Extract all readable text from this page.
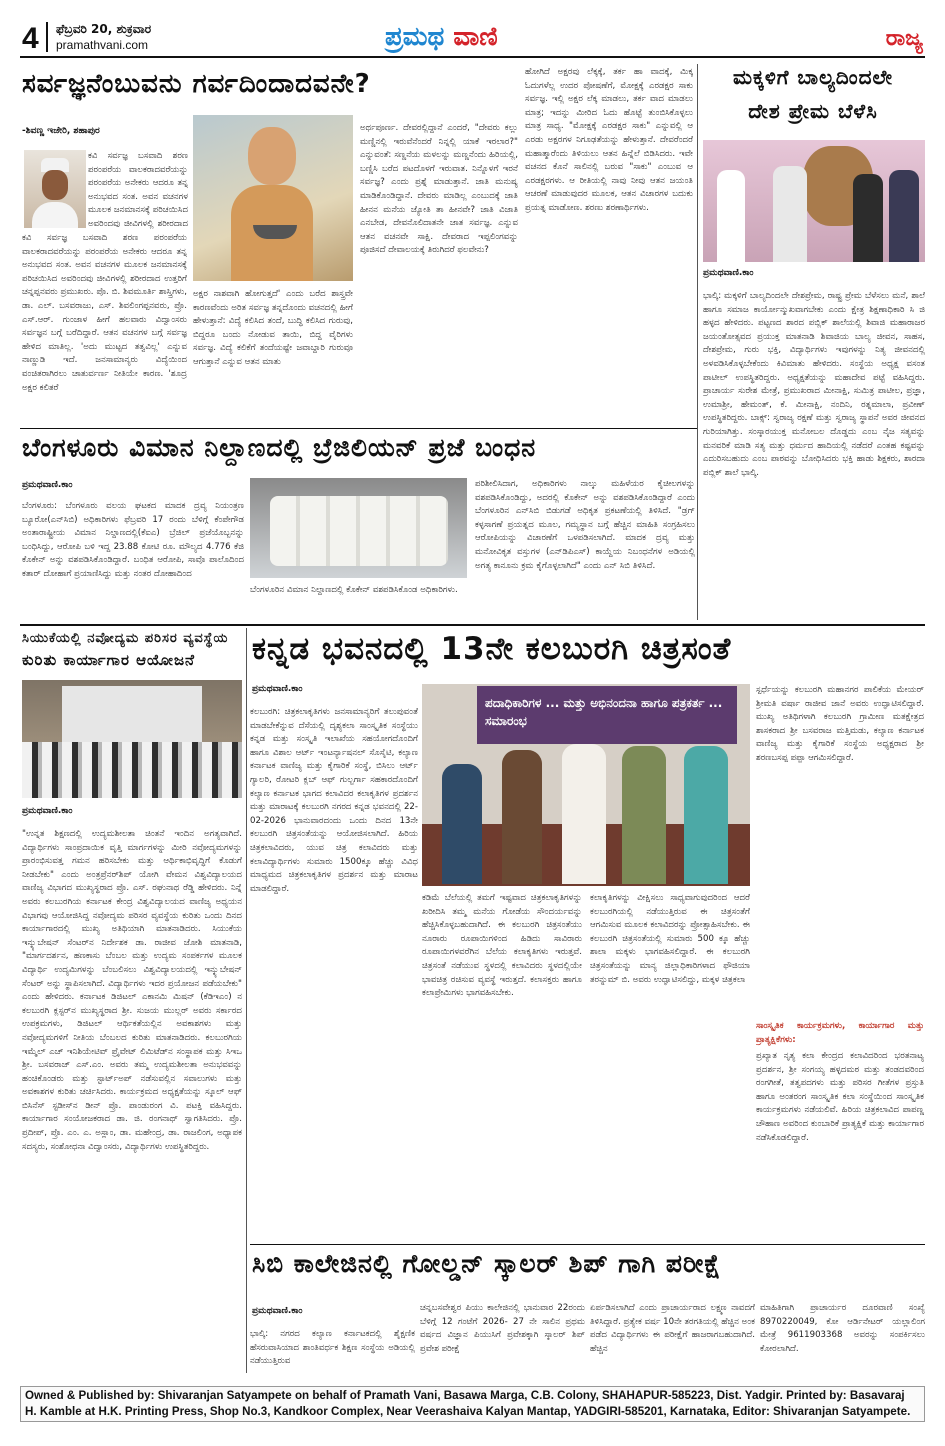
4 ಫೆಬ್ರವರಿ 20, ಶುಕ್ರವಾರ
pramathvani.com	ಪ್ರಮಥ ವಾಣಿ	ರಾಜ್ಯ
ಸರ್ವಜ್ಞನೆಂಬುವನು ಗರ್ವದಿಂದಾದವನೇ?
-ಶಿವಣ್ಣ ಇಜೇರಿ, ಶಹಾಪುರ
ಕವಿ ಸರ್ವಜ್ಞ ಬಸವಾದಿ ಶರಣ ಪರಂಪರೆಯ ವಾಲಕರಾದವರೆಯನ್ನು ಪರಂಪರೆಯ ಅನೇಕರು ಆದರೂ ತನ್ನ ಅನುಭವದ ಸಂತ. ಅವನ ವಚನಗಳ ಮೂಲಕ ಜನಮಾನಸಕ್ಕೆ ಪರಿಚಯಿಸಿದ ಅವರಿಂದವು ಜೀವಿಗಳಲ್ಲಿ ಶರೀರದಾದ
ಕವಿ ಸರ್ವಜ್ಞ ಬಸವಾದಿ ಶರಣ ಪರಂಪರೆಯ ವಾಲಕರಾದವರೆಯನ್ನು ಪರಂಪರೆಯ ಅನೇಕರು ಆದರೂ ತನ್ನ ಅನುಭವದ ಸಂತ. ಅವನ ವಚನಗಳ ಮೂಲಕ ಜನಮಾನಸಕ್ಕೆ ಪರಿಚಯಿಸಿದ ಅವರಿಂದವು ಜೀವಿಗಳಲ್ಲಿ ಶರೀರದಾದ ಉತ್ತರಿಗೆ ಚನ್ನಪ್ಪನವರು ಪ್ರಮುಖರು. ಪೊ. ಬಿ. ಶಿವಮೂರ್ತಿ ಶಾಸ್ತ್ರಿಗಳು, ಡಾ. ಎಲ್. ಬಸವರಾಜು, ಎಸ್. ಶಿವಲಿಂಗಪ್ಪನವರು, ಪ್ರೊ. ಎಸ್.ಆರ್. ಗುಂಜಾಳ ಹೀಗೆ ಹಲವಾರು ವಿದ್ವಾಂಸರು ಸರ್ವಜ್ಞನ ಬಗ್ಗೆ ಬರೆದಿದ್ದಾರೆ. ಆತನ ವಚನಗಳ ಬಗ್ಗೆ ಸರ್ವಜ್ಞ ಹೇಳಿದ ಮಾತಿಲ್ಲ. 'ಅದು ಮುಟ್ಟದ ತತ್ವವಿಲ್ಲ' ಎನ್ನುವ ನಾಣ್ಣುಡಿ ಇದೆ. ಜನಸಾಮಾನ್ಯರು ವಿದ್ಯೆಯಿಂದ ವಂಚಿತರಾಗಿರಲು ಚಾತುರ್ವರ್ಣ ನೀತಿಯೇ ಕಾರಣ. 'ಶೂದ್ರ ಅಕ್ಷರ ಕಲಿತರೆ
ಅಕ್ಷರ ನಾಶವಾಗಿ ಹೋಗುತ್ತದೆ' ಎಂದು ಬರೆದ ಶಾಸ್ತ್ರವೇ ಕಾರಣವೆಂದು ಅರಿತ ಸರ್ವಜ್ಞ ತನ್ನದೊಂದು ವಚನದಲ್ಲಿ ಹೀಗೆ ಹೇಳುತ್ತಾನೆ: ವಿದ್ಯೆ ಕಲಿಸಿದ ತಂದೆ, ಬುದ್ಧಿ ಕಲಿಸಿದ ಗುರುವು, ಬಿದ್ದರೂ ಬಂದು ನೋಡುವ ತಾಯಿ, ಬಿದ್ದ ವೈರಿಗಳು ಸರ್ವಜ್ಞ. ವಿದ್ಯೆ ಕಲಿಕೆಗೆ ತಂದೆಯಷ್ಟೇ ಜವಾಬ್ದಾರಿ ಗುರುವೂ ಆಗುತ್ತಾನೆ ಎನ್ನುವ ಆತನ ಮಾತು
ಅರ್ಥಪೂರ್ಣ. ದೇವರಲ್ಲಿದ್ದಾನೆ ಎಂದರೆ, "ದೇವರು ಕಲ್ಲು ಮಣ್ಣಿನಲ್ಲಿ ಇರುವೆನೆಂದರೆ ನಿನ್ನಲ್ಲಿ ಯಾಕೆ ಇರಲಾರ?" ಎನ್ನುವಂತೆ: ಸಣ್ಣನೆಯ ಮಳಲನ್ನು ಮಣ್ಣನೆಂದು ಹಿರಿಯಲ್ಲಿ, ಬಣ್ಣಿಸಿ ಬರೆದ ಪಟದೊಳಗೆ ಇರುವಾತ. ನಿನ್ನೊಳಗೆ ಇರನೆ ಸರ್ವಜ್ಞ? ಎಂದು ಪ್ರಶ್ನೆ ಮಾಡುತ್ತಾನೆ. ಜಾತಿ ಮನುಷ್ಯ ಮಾಡಿಕೊಂಡಿದ್ದಾನೆ. ದೇವರು ಮಾಡಿಲ್ಲ ಎಂಬುದಕ್ಕೆ ಜಾತಿ ಹೀನನ ಮನೆಯ ಜ್ಯೋತಿ ತಾ ಹೀನವೇ? ಜಾತಿ ವಿಜಾತಿ ಎನಬೇಡ, ದೇವನೊಲಿದಾತನೇ ಜಾತ ಸರ್ವಜ್ಞ. ಎನ್ನುವ ಆತನ ವಚನವೇ ಸಾಕ್ಷಿ. ದೇವರಾದ ಇಪ್ಪಲಿಂಗವನ್ನು ಪೂಜಿಸದೆ ದೇವಾಲಯಕ್ಕೆ ತಿರುಗಿದರೆ ಫಲವೇನು?
ಹೋಗಿದೆ ಅಕ್ಷರವು ಲೆಕ್ಕಕ್ಕೆ, ತರ್ಕ ಹಾ ವಾದಕ್ಕೆ, ಮಿಕ್ಕ ಓದುಗಳೆಲ್ಲ ಉದರ ಪೋಷಣೆಗೆ, ಮೋಕ್ಷಕ್ಕೆ ಎರಡಕ್ಷರ ಸಾಕು ಸರ್ವಜ್ಞ. ಇಲ್ಲಿ ಅಕ್ಷರ ಲೆಕ್ಕ ಮಾಡಲು, ತರ್ಕ ವಾದ ಮಾಡಲು ಮಾತ್ರ; ಇದನ್ನು ಮೀರಿದ ಓದು ಹೊಟ್ಟೆ ತುಂಬಿಸಿಕೊಳ್ಳಲು ಮಾತ್ರ ಸಾಧ್ಯ. "ಮೋಕ್ಷಕ್ಕೆ ಎರಡಕ್ಷರ ಸಾಕು" ಎನ್ನುವಲ್ಲಿ ಆ ಎರಡು ಅಕ್ಷರಗಳ ನಿಗೂಢತೆಯನ್ನು ಹೇಳುತ್ತಾನೆ. ದೇವರೆಂದರೆ ಮಹಾತ್ಮಾರೆಂದು ತಿಳಿಯಲು ಆತನ ಹಿನ್ನೆಲೆ ಬಿಡಿಸಿದರು. ಇವೇ ವಚನದ ಕೊನೆ ಸಾಲಿನಲ್ಲಿ ಬರುವ "ಸಾಕು" ಎಂಬುವ ಆ ಎರಡಕ್ಷರಗಳು. ಆ ರೀತಿಯಲ್ಲಿ ನಾವು ನೀವು ಆತನ ಜಯಂತಿ ಆಚರಣೆ ಮಾಡುವುದರ ಮೂಲಕ, ಆತನ ವಿಚಾರಗಳ ಬದುಕು ಪ್ರಯತ್ನ ಮಾಡೋಣ. ಶರಣು ಶರಣಾರ್ಥಿಗಳು.
ಮಕ್ಕಳಿಗೆ ಬಾಲ್ಯದಿಂದಲೇ
ದೇಶ ಪ್ರೇಮ ಬೆಳೆಸಿ
ಪ್ರಮಥವಾಣಿ.ಕಾಂ
ಭಾಲ್ಕಿ: ಮಕ್ಕಳಿಗೆ ಬಾಲ್ಯದಿಂದಲೇ ದೇಶಪ್ರೇಮ, ರಾಷ್ಟ್ರ ಪ್ರೇಮ ಬೆಳೆಸಲು ಮನೆ, ಶಾಲೆ ಹಾಗೂ ಸಮಾಜ ಕಾರ್ಯೋನ್ಮುಖವಾಗಬೇಕು ಎಂದು ಕ್ಷೇತ್ರ ಶಿಕ್ಷಣಾಧಿಕಾರಿ ಸಿ ಜಿ ಹಳ್ಳದ ಹೇಳಿದರು. ಪಟ್ಟಣದ ಶಾರದ ಪಬ್ಲಿಕ್ ಶಾಲೆಯಲ್ಲಿ ಶಿವಾಜಿ ಮಹಾರಾಜರ ಜಯಂತೋತ್ಸವದ ಪ್ರಯುಕ್ತ ಮಾತನಾಡಿ ಶಿವಾಜಿಯ ಬಾಲ್ಯ ಜೀವನ, ಸಾಹಸ, ದೇಶಪ್ರೇಮ, ಗುರು ಭಕ್ತಿ, ವಿದ್ಯಾರ್ಥಿಗಳು ಇವುಗಳನ್ನು ನಿತ್ಯ ಜೀವನದಲ್ಲಿ ಅಳವಡಿಸಿಕೊಳ್ಳಬೇಕೆಂದು ಕಿವಿಮಾತು ಹೇಳಿದರು. ಸಂಸ್ಥೆಯ ಅಧ್ಯಕ್ಷ ವಸಂತ ಪಾಟೀಲ್ ಉಪಸ್ಥಿತರಿದ್ದರು. ಅಧ್ಯಕ್ಷತೆಯನ್ನು ಮಹಾದೇವ ಪಟ್ಟೆ ವಹಿಸಿದ್ದರು. ಪ್ರಾಚಾರ್ಯ ಸುರೇಶ ಮೇತ್ರೆ, ಪ್ರಮುಖರಾದ ಮೀನಾಕ್ಷಿ, ಸುಮಿತ್ರ ಪಾಟೀಲ, ಪ್ರಜ್ಞಾ, ಉಮಾಶ್ರೀ, ಹೇಮಂತ್, ಕೆ. ಮೀನಾಕ್ಷಿ, ನಂದಿನಿ, ರತ್ನಮಾಲಾ, ಪ್ರವೀಣ್ ಉಪಸ್ಥಿತರಿದ್ದರು. ಬಾಕ್ಸ್: ಸ್ವರಾಜ್ಯ ರಕ್ಷಣೆ ಮತ್ತು ಸ್ವರಾಜ್ಯ ಸ್ಥಾಪನೆ ಅವರ ಜೀವನದ ಗುರಿಯಾಗಿತ್ತು. ಸಂಸ್ಕಾರಯುಕ್ತ ಮನೋಬಲ ದೊಡ್ಡದು ಎಂಬ ನೈಜ ಸತ್ಯವನ್ನು ಮನವರಿಕೆ ಮಾಡಿ ಸತ್ಯ ಮತ್ತು ಧರ್ಮದ ಹಾದಿಯಲ್ಲಿ ನಡೆದರೆ ಎಂತಹ ಕಷ್ಟವನ್ನು ಎದುರಿಸಬಹುದು ಎಂಬ ಪಾಠವನ್ನು ಬೋಧಿಸಿದರು ಭಕ್ತಿ ಹಾಡು ಶಿಕ್ಷಕರು, ಶಾರದಾ ಪಬ್ಲಿಕ್ ಶಾಲೆ ಭಾಲ್ಕಿ.
ಬೆಂಗಳೂರು ವಿಮಾನ ನಿಲ್ದಾಣದಲ್ಲಿ ಬ್ರೆಜಿಲಿಯನ್ ಪ್ರಜೆ ಬಂಧನ
ಪ್ರಮಥವಾಣಿ.ಕಾಂ
ಬೆಂಗಳೂರು: ಬೆಂಗಳೂರು ವಲಯ ಘಟಕದ ಮಾದಕ ದ್ರವ್ಯ ನಿಯಂತ್ರಣ ಬ್ಯೂರೋ(ಎನ್‌ಸಿಬಿ) ಅಧಿಕಾರಿಗಳು ಫೆಬ್ರವರಿ 17 ರಂದು ಬೆಳಿಗ್ಗೆ ಕೆಂಪೇಗೌಡ ಅಂತಾರಾಷ್ಟ್ರೀಯ ವಿಮಾನ ನಿಲ್ದಾಣದಲ್ಲಿ(ಕೆಐಎ) ಬ್ರೆಜಿಲ್ ಪ್ರಜೆಯೊಬ್ಬನನ್ನು ಬಂಧಿಸಿದ್ದು, ಆರೋಪಿ ಬಳಿ ಇದ್ದ 23.88 ಕೋಟಿ ರೂ. ಮೌಲ್ಯದ 4.776 ಕೆಜಿ ಕೊಕೇನ್ ಅನ್ನು ವಶಪಡಿಸಿಕೊಂಡಿದ್ದಾರೆ. ಬಂಧಿತ ಆರೋಪಿ, ಸಾವೊ ಪಾಲೊದಿಂದ ಕತಾರ್ ದೋಹಾಗೆ ಪ್ರಯಾಣಿಸಿದ್ದು ಮತ್ತು ನಂತರ ದೋಹಾದಿಂದ
ಬೆಂಗಳೂರಿನ ವಿಮಾನ ನಿಲ್ದಾಣದಲ್ಲಿ ಕೊಕೇನ್ ವಶಪಡಿಸಿಕೊಂಡ ಅಧಿಕಾರಿಗಳು.
ಪರಿಶೀಲಿಸಿದಾಗ, ಅಧಿಕಾರಿಗಳು ನಾಲ್ಕು ಮಹಿಳೆಯರ ಕೈಚೀಲಗಳನ್ನು ವಶಪಡಿಸಿಕೊಂಡಿದ್ದು, ಅದರಲ್ಲಿ ಕೊಕೇನ್ ಅನ್ನು ವಶಪಡಿಸಿಕೊಂಡಿದ್ದಾರೆ ಎಂದು ಬೆಂಗಳೂರಿನ ಎನ್‌ಸಿಬಿ ಬಿಡುಗಡೆ ಅಧಿಕೃತ ಪ್ರಕಟಣೆಯಲ್ಲಿ ತಿಳಿಸಿದೆ. "ಡ್ರಗ್ ಕಳ್ಳಸಾಗಣೆ ಪ್ರಯತ್ನದ ಮೂಲ, ಗಮ್ಯಸ್ಥಾನ ಬಗ್ಗೆ ಹೆಚ್ಚಿನ ಮಾಹಿತಿ ಸಂಗ್ರಹಿಸಲು ಆರೋಪಿಯನ್ನು ವಿಚಾರಣೆಗೆ ಒಳಪಡಿಸಲಾಗಿದೆ. ಮಾದಕ ದ್ರವ್ಯ ಮತ್ತು ಮನೋವಿಕೃತ ವಸ್ತುಗಳ (ಎನ್‌ಡಿಪಿಎಸ್) ಕಾಯ್ದೆಯ ನಿಬಂಧನೆಗಳ ಅಡಿಯಲ್ಲಿ ಅಗತ್ಯ ಕಾನೂನು ಕ್ರಮ ಕೈಗೊಳ್ಳಲಾಗಿದೆ" ಎಂದು ಎನ್ ಸಿಬಿ ತಿಳಿಸಿದೆ.
ಸಿಯುಕೆಯಲ್ಲಿ ನವೋದ್ಯಮ ಪರಿಸರ ವ್ಯವಸ್ಥೆಯ
ಕುರಿತು ಕಾರ್ಯಾಗಾರ ಆಯೋಜನೆ
ಪ್ರಮಥವಾಣಿ.ಕಾಂ
"ಉನ್ನತ ಶಿಕ್ಷಣದಲ್ಲಿ ಉದ್ಯಮಶೀಲತಾ ಚಿಂತನೆ ಇಂದಿನ ಅಗತ್ಯವಾಗಿದೆ. ವಿದ್ಯಾರ್ಥಿಗಳು ಸಾಂಪ್ರದಾಯಿಕ ವೃತ್ತಿ ಮಾರ್ಗಗಳನ್ನು ಮೀರಿ ನವೋದ್ಯಮಗಳನ್ನು ಪ್ರಾರಂಭಿಸುವತ್ತ ಗಮನ ಹರಿಸಬೇಕು ಮತ್ತು ಆರ್ಥಿಕಾಭಿವೃದ್ಧಿಗೆ ಕೊಡುಗೆ ನೀಡಬೇಕು" ಎಂದು ಅಂತ್ರಪ್ರೆನರ್‌ಶಿಪ್ ಯೋಗಿ ವೇಮನ ವಿಶ್ವವಿದ್ಯಾಲಯದ ವಾಣಿಜ್ಯ ವಿಭಾಗದ ಮುಖ್ಯಸ್ಥರಾದ ಪ್ರೊ. ಎಸ್. ರಘುನಾಥ ರೆಡ್ಡಿ ಹೇಳಿದರು. ನಿನ್ನೆ ಅವರು ಕಲಬುರಗಿಯ ಕರ್ನಾಟಕ ಕೇಂದ್ರ ವಿಶ್ವವಿದ್ಯಾಲಯದ ವಾಣಿಜ್ಯ ಅಧ್ಯಯನ ವಿಭಾಗವು ಆಯೋಜಿಸಿದ್ದ ನವೋದ್ಯಮ ಪರಿಸರ ವ್ಯವಸ್ಥೆಯ ಕುರಿತು ಒಂದು ದಿನದ ಕಾರ್ಯಾಗಾರದಲ್ಲಿ ಮುಖ್ಯ ಅತಿಥಿಯಾಗಿ ಮಾತನಾಡಿದರು. ಸಿಯುಕೆಯ ಇನ್ಕ್ಯುಬೇಷನ್ ಸೆಂಟರ್‌ನ ನಿರ್ದೇಶಕ ಡಾ. ರಾಜೀವ ಜೋಶಿ ಮಾತನಾಡಿ, "ಮಾರ್ಗದರ್ಶನ, ಹಣಕಾಸು ಬೆಂಬಲ ಮತ್ತು ಉದ್ಯಮ ಸಂಪರ್ಕಗಳ ಮೂಲಕ ವಿದ್ಯಾರ್ಥಿ ಉದ್ಯಮಿಗಳನ್ನು ಬೆಂಬಲಿಸಲು ವಿಶ್ವವಿದ್ಯಾಲಯದಲ್ಲಿ ಇನ್ಕ್ಯುಬೇಷನ್ ಸೆಂಟರ್ ಅನ್ನು ಸ್ಥಾಪಿಸಲಾಗಿದೆ. ವಿದ್ಯಾರ್ಥಿಗಳು ಇದರ ಪ್ರಯೋಜನ ಪಡೆಯಬೇಕು" ಎಂದು ಹೇಳಿದರು. ಕರ್ನಾಟಕ ಡಿಜಿಟಲ್ ಎಕಾನಮಿ ಮಿಷನ್ (ಕೆಡಿಇಎಂ) ನ ಕಲಬುರಗಿ ಕ್ಲಸ್ಟರ್‌ನ ಮುಖ್ಯಸ್ಥರಾದ ಶ್ರೀ. ಸುಜಯ ಮುಲ್ಲರ್ ಅವರು ಸರ್ಕಾರದ ಉಪಕ್ರಮಗಳು, ಡಿಜಿಟಲ್ ಆರ್ಥಿಕತೆಯಲ್ಲಿನ ಅವಕಾಶಗಳು ಮತ್ತು ನವೋದ್ಯಮಗಳಿಗೆ ನೀತಿಯ ಬೆಂಬಲದ ಕುರಿತು ಮಾತನಾಡಿದರು. ಕಲಬುರಗಿಯ ಇಮ್ಮೆಲ್ ಎಚ್ ಇನಿಶಿಯೇಟಿವ್ ಪ್ರೈವೇಟ್ ಲಿಮಿಟೆಡ್‌ನ ಸಂಸ್ಥಾಪಕ ಮತ್ತು ಸಿಇಒ ಶ್ರೀ. ಬಸವರಾಜ್ ಎಸ್.ಎಂ. ಅವರು ತಮ್ಮ ಉದ್ಯಮಶೀಲತಾ ಅನುಭವವನ್ನು ಹಂಚಿಕೊಂಡರು ಮತ್ತು ಸ್ಟಾರ್ಟ್‌ಅಪ್ ನಡೆಸುವಲ್ಲಿನ ಸವಾಲುಗಳು ಮತ್ತು ಅವಕಾಶಗಳ ಕುರಿತು ಚರ್ಚಿಸಿದರು. ಕಾರ್ಯಕ್ರಮದ ಅಧ್ಯಕ್ಷತೆಯನ್ನು ಸ್ಕೂಲ್ ಆಫ್ ಬಿಸಿನೆಸ್ ಸ್ಟಡೀಸ್‌ನ ಡೀನ್ ಪ್ರೊ. ಪಾಂಡುರಂಗ ವಿ. ಪಟಕ್ತಿ ವಹಿಸಿದ್ದರು. ಕಾರ್ಯಾಗಾರ ಸಂಯೋಜಕರಾದ ಡಾ. ಜಿ. ರಂಗನಾಥ್ ಸ್ವಾಗತಿಸಿದರು. ಪ್ರೊ. ಪ್ರದೀಪ್, ಪ್ರೊ. ಎಂ. ಎ. ಅಸ್ಲಾಂ, ಡಾ. ಮಹೇಂದ್ರ, ಡಾ. ರಾಜಲಿಂಗ, ಅಧ್ಯಾಪಕ ಸದಸ್ಯರು, ಸಂಶೋಧನಾ ವಿದ್ವಾಂಸರು, ವಿದ್ಯಾರ್ಥಿಗಳು ಉಪಸ್ಥಿತರಿದ್ದರು.
ಕನ್ನಡ ಭವನದಲ್ಲಿ 13ನೇ ಕಲಬುರಗಿ ಚಿತ್ರಸಂತೆ
ಪ್ರಮಥವಾಣಿ.ಕಾಂ
ಕಲಬುರಗಿ: ಚಿತ್ರಕಲಾಕೃತಿಗಳು ಜನಸಾಮಾನ್ಯರಿಗೆ ತಲುಪುವಂತೆ ಮಾಡಬೇಕೆನ್ನುವ ದೆಸೆಯಲ್ಲಿ ದೃಶ್ಯಕಲಾ ಸಾಂಸ್ಕೃತಿಕ ಸಂಸ್ಥೆಯು ಕನ್ನಡ ಮತ್ತು ಸಂಸ್ಕೃತಿ ಇಲಾಖೆಯ ಸಹಯೋಗದೊಂದಿಗೆ ಹಾಗೂ ವಿಶಾಲ ಆರ್ಟ್ ಇಂಟರ್ನ್ಯಾಷನಲ್ ಸೊಸೈಟಿ, ಕಲ್ಯಾಣ ಕರ್ನಾಟಕ ವಾಣಿಜ್ಯ ಮತ್ತು ಕೈಗಾರಿಕೆ ಸಂಸ್ಥೆ, ಬಿಸಿಲು ಆರ್ಟ್ ಗ್ಯಾಲರಿ, ರೋಟರಿ ಕ್ಲಬ್ ಆಫ್ ಗುಲ್ಬರ್ಗಾ ಸಹಕಾರದೊಂದಿಗೆ ಕಲ್ಯಾಣ ಕರ್ನಾಟಕ ಭಾಗದ ಕಲಾವಿದರ ಕಲಾಕೃತಿಗಳ ಪ್ರದರ್ಶನ ಮತ್ತು ಮಾರಾಟಕ್ಕೆ ಕಲಬುರಗಿ ನಗರದ ಕನ್ನಡ ಭವನದಲ್ಲಿ 22-02-2026 ಭಾನುವಾರದಂದು ಒಂದು ದಿನದ 13ನೇ ಕಲಬುರಗಿ ಚಿತ್ರಸಂತೆಯನ್ನು ಆಯೋಜಿಸಲಾಗಿದೆ. ಹಿರಿಯ ಚಿತ್ರಕಲಾವಿದರು, ಯುವ ಚಿತ್ರ ಕಲಾವಿದರು ಮತ್ತು ಕಲಾವಿದ್ಯಾರ್ಥಿಗಳು ಸುಮಾರು 1500ಕ್ಕೂ ಹೆಚ್ಚು ವಿವಿಧ ಮಾಧ್ಯಮದ ಚಿತ್ರಕಲಾಕೃತಿಗಳ ಪ್ರದರ್ಶನ ಮತ್ತು ಮಾರಾಟ ಮಾಡಲಿದ್ದಾರೆ.
ಪದಾಧಿಕಾರಿಗಳ ... ಮತ್ತು ಅಭಿನಂದನಾ ಹಾಗೂ ಪತ್ರಕರ್ತ ... ಸಮಾರಂಭ
ಕಡಿಮೆ ಬೆಲೆಯಲ್ಲಿ ತಮಗೆ ಇಷ್ಟವಾದ ಚಿತ್ರಕಲಾಕೃತಿಗಳನ್ನು ಖರೀದಿಸಿ ತಮ್ಮ ಮನೆಯ ಗೋಡೆಯ ಸೌಂದರ್ಯವನ್ನು ಹೆಚ್ಚಿಸಿಕೊಳ್ಳಬಹುದಾಗಿದೆ. ಈ ಕಲಬುರಗಿ ಚಿತ್ರಸಂತೆಯು ನೂರಾರು ರೂಪಾಯಿಗಳಿಂದ ಹಿಡಿದು ಸಾವಿರಾರು ರೂಪಾಯಿಗಳವರೆಗಿನ ಬೆಲೆಯ ಕಲಾಕೃತಿಗಳು ಇರುತ್ತವೆ. ಚಿತ್ರಸಂತೆ ನಡೆಯುವ ಸ್ಥಳದಲ್ಲಿ ಕಲಾವಿದರು ಸ್ಥಳದಲ್ಲಿಯೇ ಭಾವಚಿತ್ರ ರಚಿಸುವ ವ್ಯವಸ್ಥೆ ಇರುತ್ತದೆ. ಕಲಾಸಕ್ತರು ಹಾಗೂ ಕಲಾಪ್ರೇಮಿಗಳು ಭಾಗವಹಿಸಬೇಕು.
ಕಲಾಕೃತಿಗಳನ್ನು ವೀಕ್ಷಿಸಲು ಸಾಧ್ಯವಾಗುವುದರಿಂದ ಆದರೆ ಕಲಬುರಗಿಯಲ್ಲಿ ನಡೆಯುತ್ತಿರುವ ಈ ಚಿತ್ರಸಂತೆಗೆ ಆಗಮಿಸುವ ಮೂಲಕ ಕಲಾವಿದರನ್ನು ಪ್ರೋತ್ಸಾಹಿಸಬೇಕು. ಈ ಕಲಬುರಗಿ ಚಿತ್ರಸಂತೆಯಲ್ಲಿ ಸುಮಾರು 500 ಕ್ಕೂ ಹೆಚ್ಚು ಶಾಲಾ ಮಕ್ಕಳು ಭಾಗವಹಿಸಲಿದ್ದಾರೆ. ಈ ಕಲಬುರಗಿ ಚಿತ್ರಸಂತೆಯನ್ನು ಮಾನ್ಯ ಜಿಲ್ಲಾಧಿಕಾರಿಗಳಾದ ಫೌಜಿಯಾ ತರನ್ನುಮ್ ಬಿ. ಅವರು ಉದ್ಘಾಟಿಸಲಿದ್ದು, ಮಕ್ಕಳ ಚಿತ್ರಕಲಾ
ಸ್ಪರ್ಧೆಯನ್ನು ಕಲಬುರಗಿ ಮಹಾನಗರ ಪಾಲಿಕೆಯ ಮೇಯರ್ ಶ್ರೀಮತಿ ವರ್ಷಾ ರಾಜೀವ ಜಾನೆ ಅವರು ಉದ್ಘಾಟಿಸಲಿದ್ದಾರೆ. ಮುಖ್ಯ ಅತಿಥಿಗಳಾಗಿ ಕಲಬುರಗಿ ಗ್ರಾಮೀಣ ಮತಕ್ಷೇತ್ರದ ಶಾಸಕರಾದ ಶ್ರೀ ಬಸವರಾಜ ಮತ್ತಿಮಡು, ಕಲ್ಯಾಣ ಕರ್ನಾಟಕ ವಾಣಿಜ್ಯ ಮತ್ತು ಕೈಗಾರಿಕೆ ಸಂಸ್ಥೆಯ ಅಧ್ಯಕ್ಷರಾದ ಶ್ರೀ ಶರಣಬಸಪ್ಪ ಪಪ್ಪಾ ಆಗಮಿಸಲಿದ್ದಾರೆ.
ಸಾಂಸ್ಕೃತಿಕ ಕಾರ್ಯಕ್ರಮಗಳು, ಕಾರ್ಯಾಗಾರ ಮತ್ತು ಪ್ರಾತ್ಯಕ್ಷಿಕೆಗಳು:
ಪ್ರಖ್ಯಾತ ನೃತ್ಯ ಕಲಾ ಕೇಂದ್ರದ ಕಲಾವಿದರಿಂದ ಭರತನಾಟ್ಯ ಪ್ರದರ್ಶನ, ಶ್ರೀ ಸಂಗಯ್ಯ ಹಳ್ಳದಮಠ ಮತ್ತು ತಂಡದವರಿಂದ ರಂಗಗೀತೆ, ತತ್ವಪದಗಳು ಮತ್ತು ಪರಿಸರ ಗೀತೆಗಳ ಪ್ರಸ್ತುತಿ ಹಾಗೂ ಅಂತರಂಗ ಸಾಂಸ್ಕೃತಿಕ ಕಲಾ ಸಂಸ್ಥೆಯಿಂದ ಸಾಂಸ್ಕೃತಿಕ ಕಾರ್ಯಕ್ರಮಗಳು ನಡೆಯಲಿವೆ. ಹಿರಿಯ ಚಿತ್ರಕಲಾವಿದ ಪಾಪಣ್ಣ ಚೌಹಾಣ ಅವರಿಂದ ಕುಂಬಾರಿಕೆ ಪ್ರಾತ್ಯಕ್ಷಿಕೆ ಮತ್ತು ಕಾರ್ಯಾಗಾರ ನಡೆಸಿಕೊಡಲಿದ್ದಾರೆ.
ಸಿಬಿ ಕಾಲೇಜಿನಲ್ಲಿ ಗೋಲ್ಡನ್ ಸ್ಕಾಲರ್ ಶಿಪ್ ಗಾಗಿ ಪರೀಕ್ಷೆ
ಪ್ರಮಥವಾಣಿ.ಕಾಂ
ಭಾಲ್ಕಿ: ನಗರದ ಕಲ್ಯಾಣ ಕರ್ನಾಟಕದಲ್ಲಿ ಶೈಕ್ಷಣಿಕ ಹೆಸರುವಾಸಿಯಾದ ಶಾಂತಿವರ್ಧಕ ಶಿಕ್ಷಣ ಸಂಸ್ಥೆಯ ಅಡಿಯಲ್ಲಿ ನಡೆಯುತ್ತಿರುವ
ಚನ್ನಬಸವೇಶ್ವರ ಪಿಯು ಕಾಲೇಜಿನಲ್ಲಿ ಭಾನುವಾರ 22ರಂದು ಬೆಳಿಗ್ಗೆ 12 ಗಂಟೆಗೆ 2026- 27 ನೇ ಸಾಲಿನ ಪ್ರಥಮ ವರ್ಷದ ವಿಜ್ಞಾನ ಪಿಯುಸಿಗೆ ಪ್ರವೇಶಕ್ಕಾಗಿ ಸ್ಕಾಲರ್ ಶಿಪ್ ಪ್ರವೇಶ ಪರೀಕ್ಷೆ
ಏರ್ಪಡಿಸಲಾಗಿದೆ ಎಂದು ಪ್ರಾಚಾರ್ಯರಾದ ಲಕ್ಷ್ಮಣ ನಾವದಗೆ ತಿಳಿಸಿದ್ದಾರೆ. ಪ್ರತ್ಯೇಕ ವರ್ಷ 10ನೇ ತರಗತಿಯಲ್ಲಿ ಹೆಚ್ಚಿನ ಅಂಕ ಪಡೆದ ವಿದ್ಯಾರ್ಥಿಗಳು ಈ ಪರೀಕ್ಷೆಗೆ ಹಾಜರಾಗಬಹುದಾಗಿದೆ. ಹೆಚ್ಚಿನ
ಮಾಹಿತಿಗಾಗಿ ಪ್ರಾಚಾರ್ಯರ ದೂರವಾಣಿ ಸಂಖ್ಯೆ 8970220049, ಕೋ ಆರ್ಡಿನೇಟರ್ ಯಲ್ಲಾಲಿಂಗ ಮೇತ್ರೆ 9611903368 ಅವರನ್ನು ಸಂಪರ್ಕಿಸಲು ಕೋರಲಾಗಿದೆ.
Owned & Published by: Shivaranjan Satyampete on behalf of Pramath Vani, Basawa Marga, C.B. Colony, SHAHAPUR-585223, Dist. Yadgir. Printed by: Basavaraj
H. Kamble at H.K. Printing Press, Shop No.3, Kandkoor Complex, Near Veerashaiva Kalyan Mantap, YADGIRI-585201, Karnataka, Editor: Shivaranjan Satyampete.
